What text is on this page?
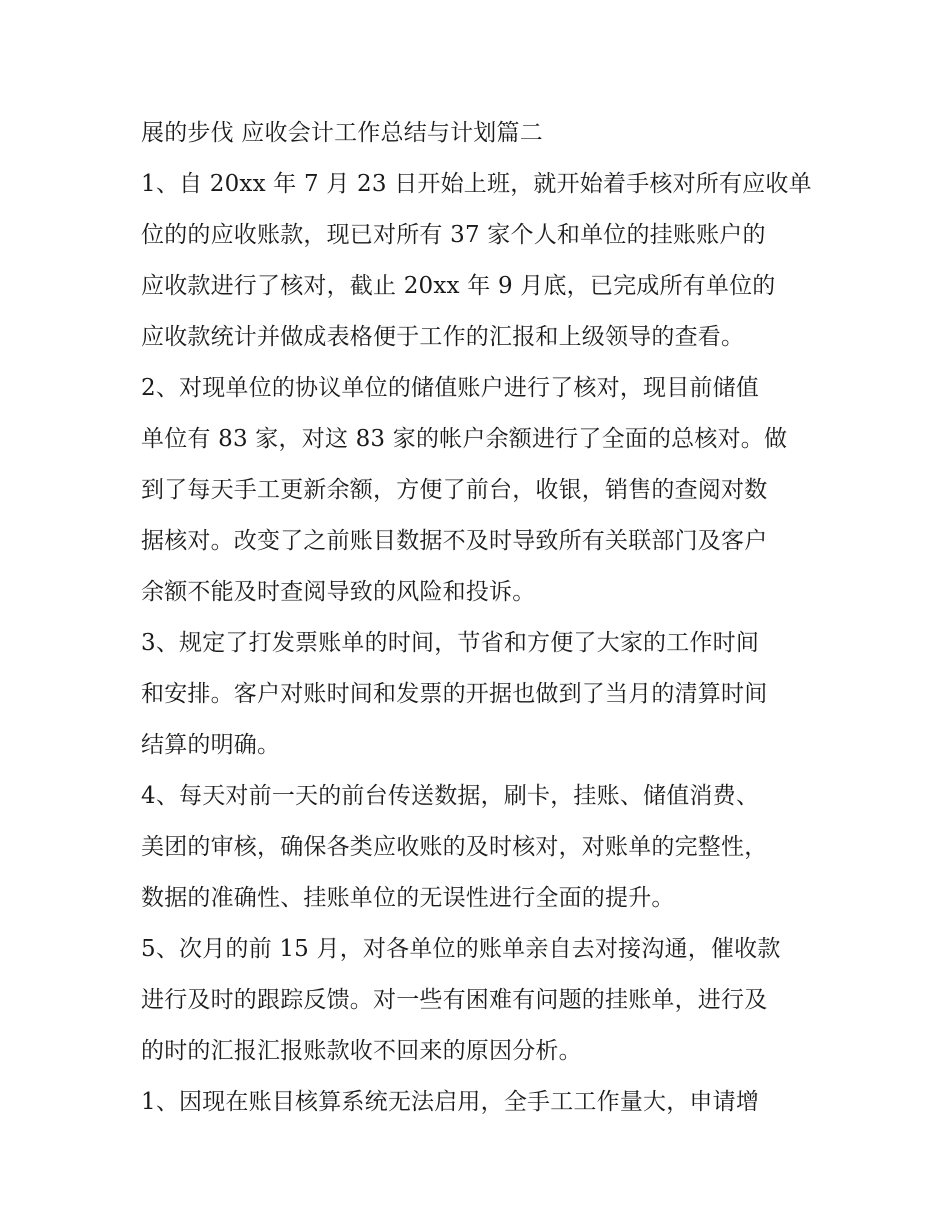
展的步伐 应收会计工作总结与计划篇二
1、自 20xx 年 7 月 23 日开始上班，就开始着手核对所有应收单
位的的应收账款，现已对所有 37 家个人和单位的挂账账户的
应收款进行了核对，截止 20xx 年 9 月底，已完成所有单位的
应收款统计并做成表格便于工作的汇报和上级领导的查看。
2、对现单位的协议单位的储值账户进行了核对，现目前储值
单位有 83 家，对这 83 家的帐户余额进行了全面的总核对。做
到了每天手工更新余额，方便了前台，收银，销售的查阅对数
据核对。改变了之前账目数据不及时导致所有关联部门及客户
余额不能及时查阅导致的风险和投诉。
3、规定了打发票账单的时间，节省和方便了大家的工作时间
和安排。客户对账时间和发票的开据也做到了当月的清算时间
结算的明确。
4、每天对前一天的前台传送数据，刷卡，挂账、储值消费、
美团的审核，确保各类应收账的及时核对，对账单的完整性，
数据的准确性、挂账单位的无误性进行全面的提升。
5、次月的前 15 月，对各单位的账单亲自去对接沟通，催收款
进行及时的跟踪反馈。对一些有困难有问题的挂账单，进行及
的时的汇报汇报账款收不回来的原因分析。
1、因现在账目核算系统无法启用，全手工工作量大，申请增
